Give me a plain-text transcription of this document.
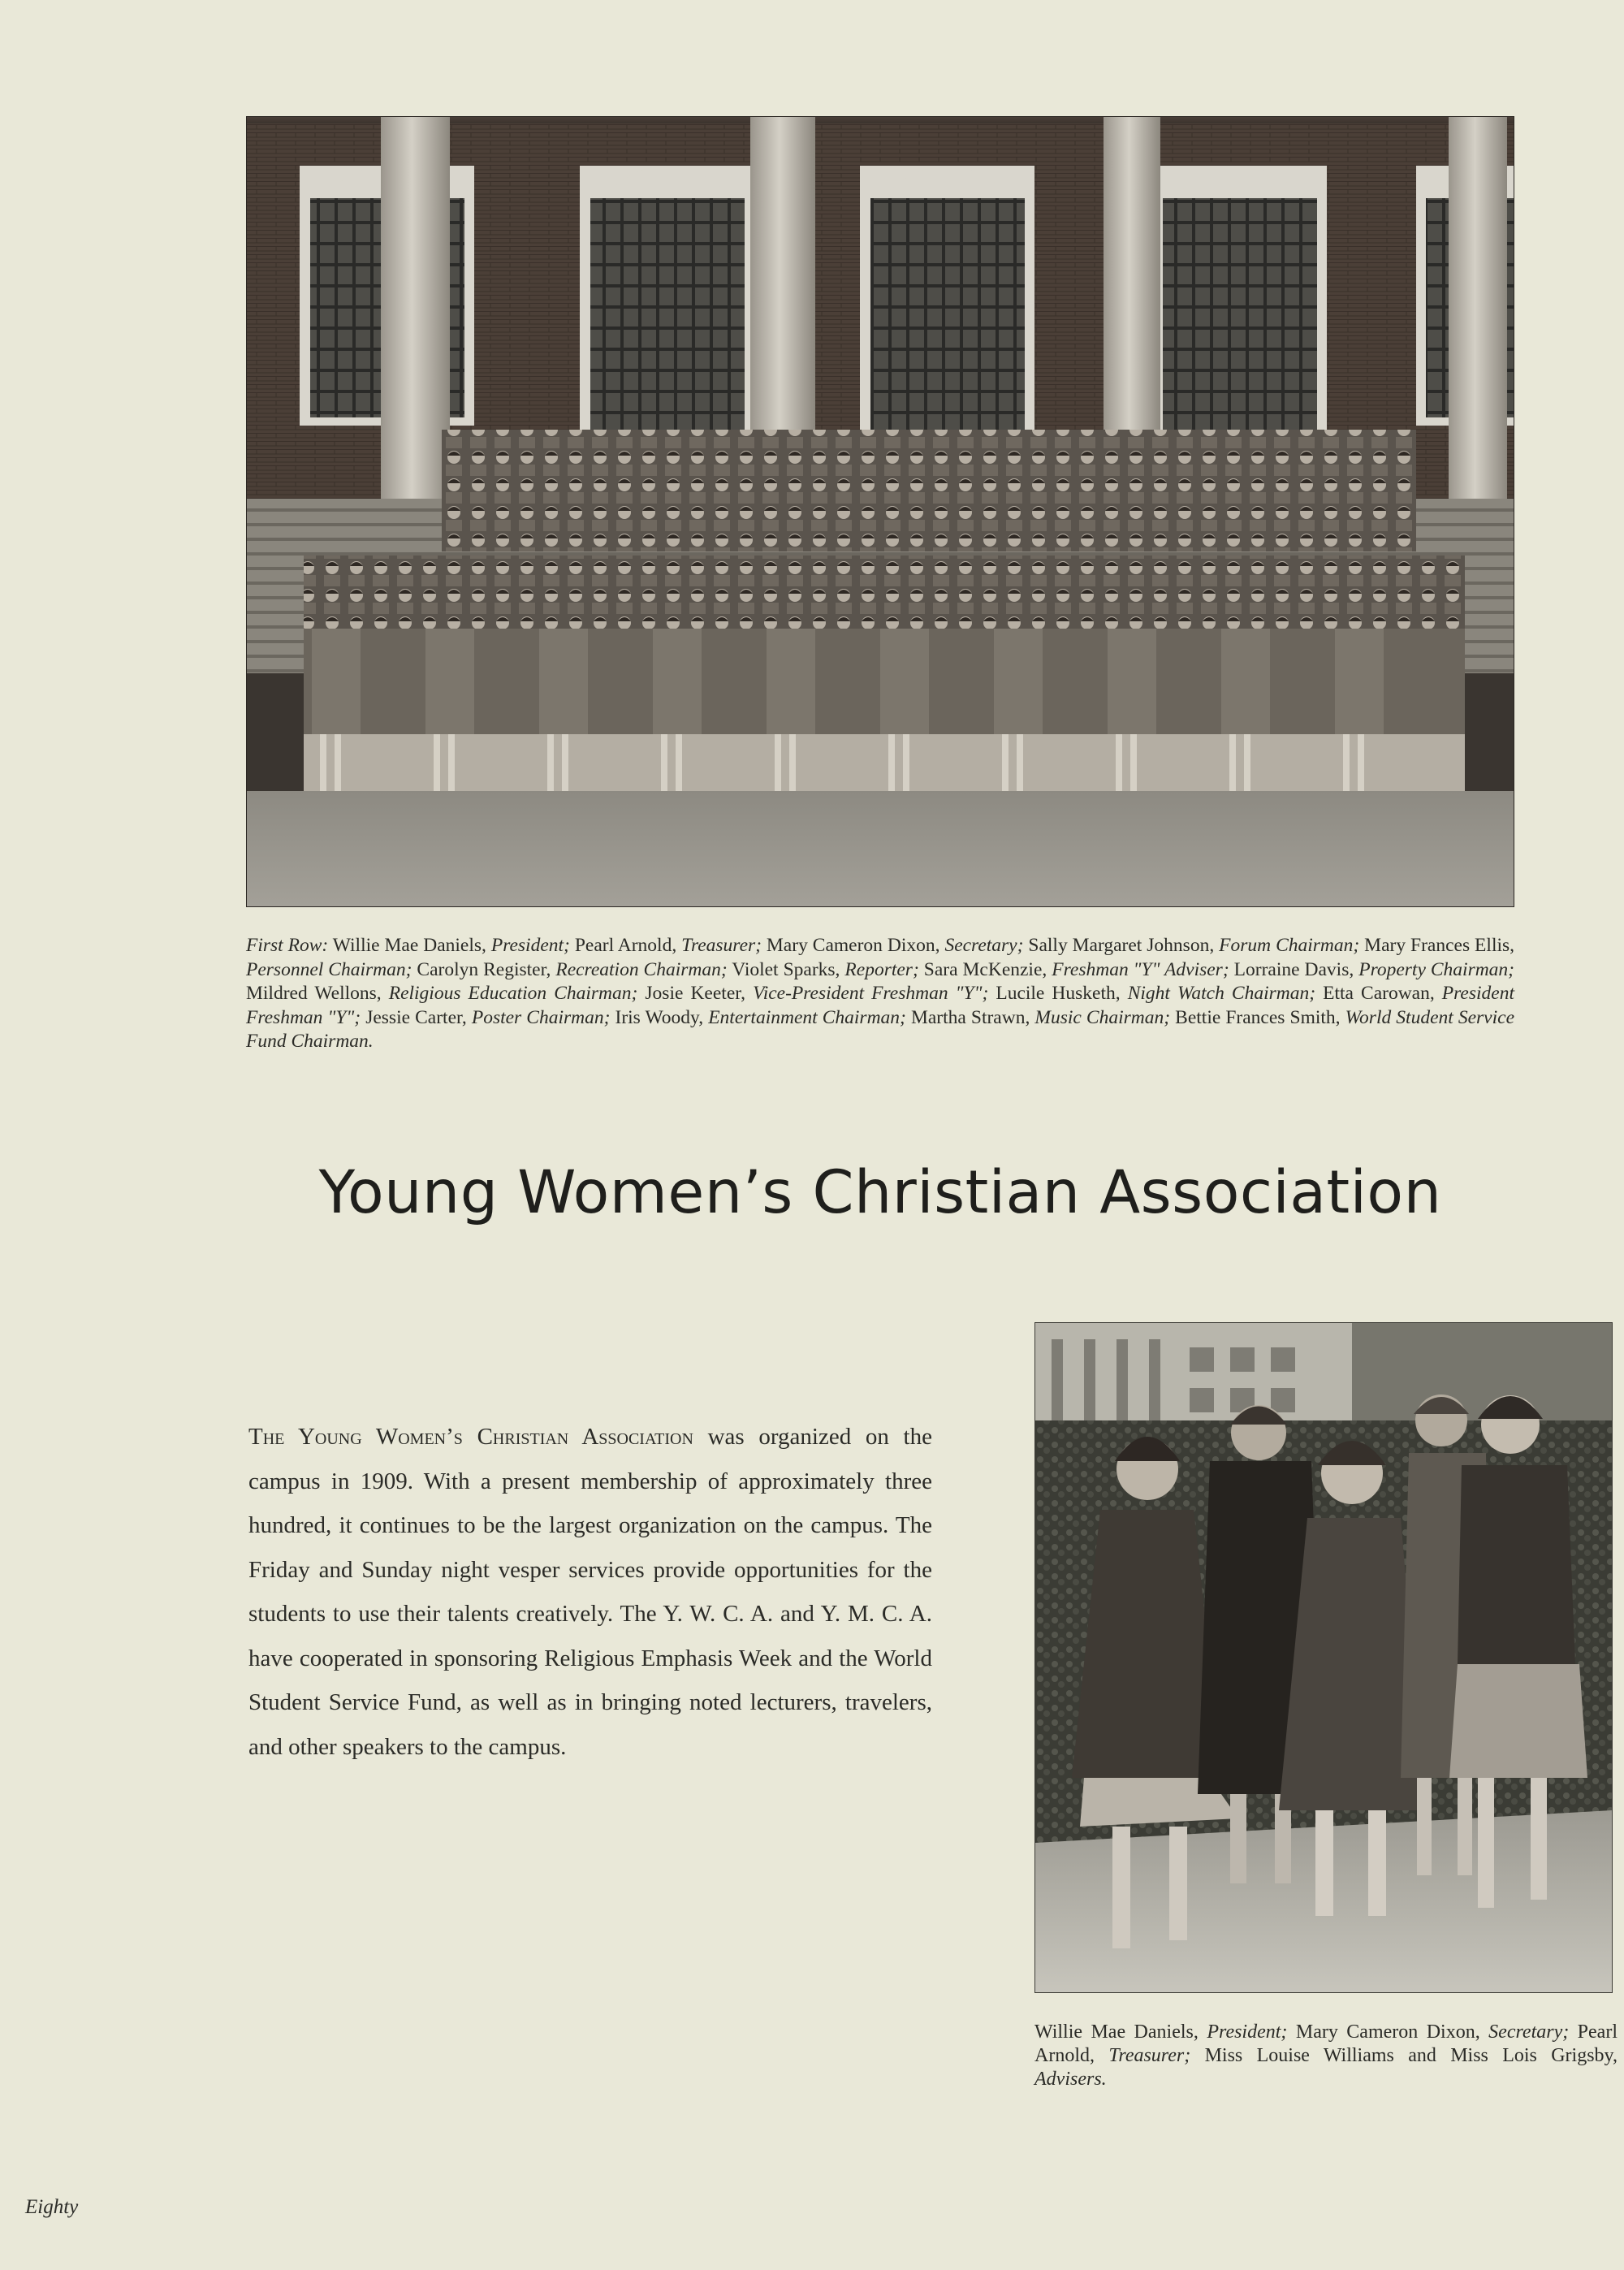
First Row: Willie Mae Daniels, President; Pearl Arnold, Treasurer; Mary Cameron Dixon, Secretary; Sally Margaret Johnson, Forum Chairman; Mary Frances Ellis, Personnel Chairman; Carolyn Register, Recreation Chairman; Violet Sparks, Reporter; Sara McKenzie, Freshman "Y" Adviser; Lorraine Davis, Property Chairman; Mildred Wellons, Religious Education Chairman; Josie Keeter, Vice-President Freshman "Y"; Lucile Husketh, Night Watch Chairman; Etta Carowan, President Freshman "Y"; Jessie Carter, Poster Chairman; Iris Woody, Entertainment Chairman; Martha Strawn, Music Chairman; Bettie Frances Smith, World Student Service Fund Chairman.
Young Women’s Christian Association

The Young Women’s Christian Association was organized on the campus in 1909. With a present membership of approximately three hundred, it continues to be the largest organization on the campus. The Friday and Sunday night vesper services provide opportunities for the students to use their talents creatively. The Y. W. C. A. and Y. M. C. A. have cooperated in sponsoring Religious Emphasis Week and the World Student Service Fund, as well as in bringing noted lecturers, travelers, and other speakers to the campus.

Willie Mae Daniels, President; Mary Cameron Dixon, Secretary; Pearl Arnold, Treasurer; Miss Louise Williams and Miss Lois Grigsby, Advisers.

Eighty
